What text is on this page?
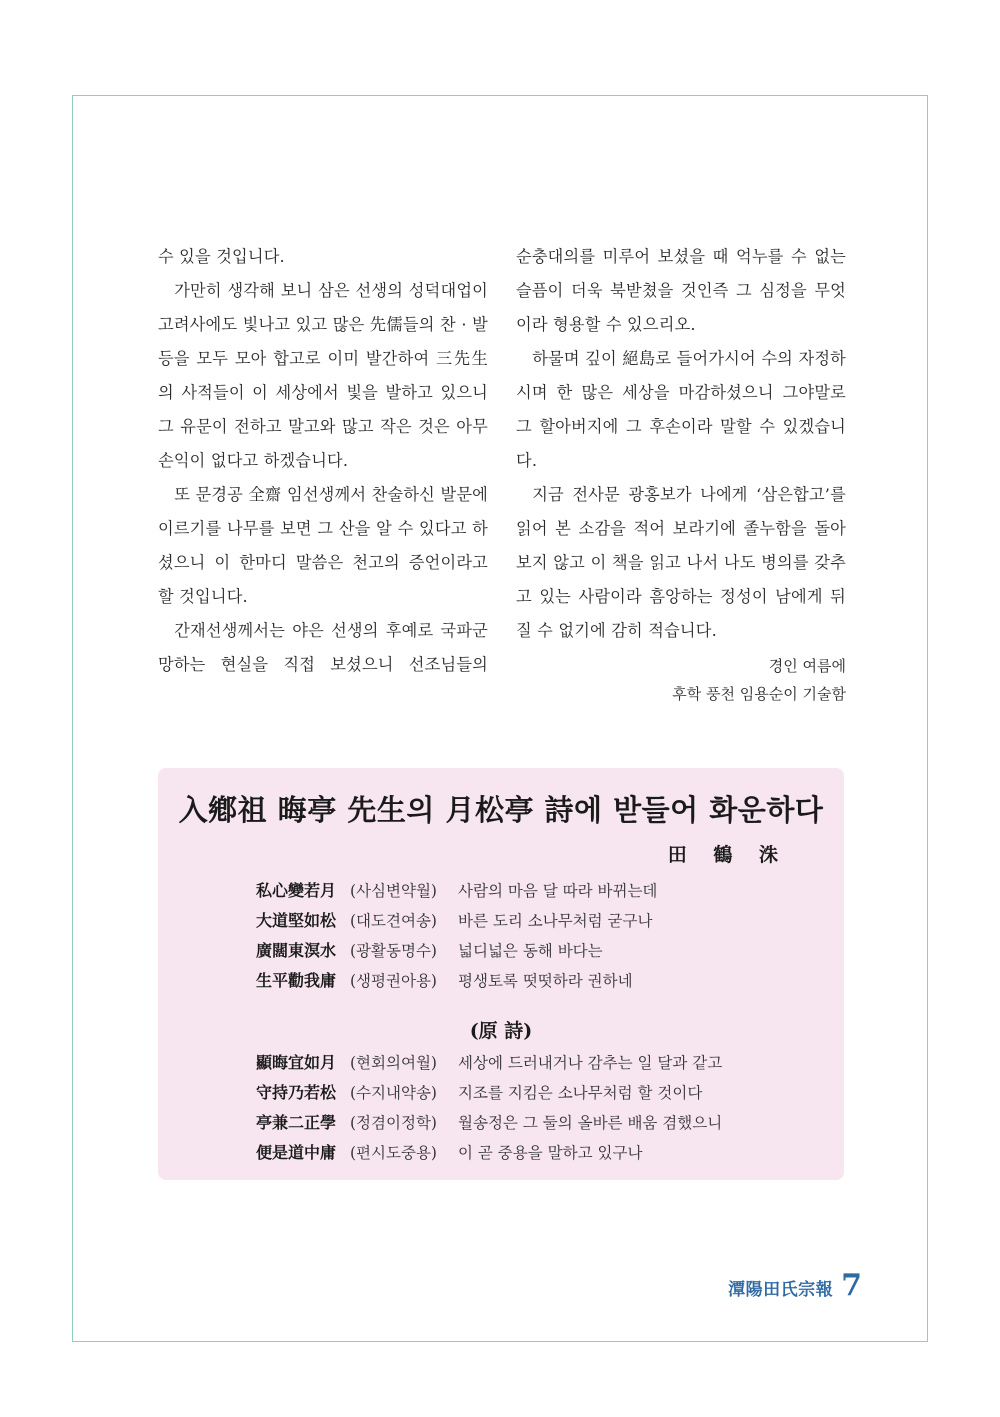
수 있을 것입니다.

가만히 생각해 보니 삼은 선생의 성덕대업이 고려사에도 빛나고 있고 많은 先儒들의 찬 · 발 등을 모두 모아 합고로 이미 발간하여 三先生의 사적들이 이 세상에서 빛을 발하고 있으니 그 유문이 전하고 말고와 많고 작은 것은 아무 손익이 없다고 하겠습니다.

또 문경공 全齋 임선생께서 찬술하신 발문에 이르기를 나무를 보면 그 산을 알 수 있다고 하셨으니 이 한마디 말씀은 천고의 증언이라고 할 것입니다.

간재선생께서는 야은 선생의 후예로 국파군망하는 현실을 직접 보셨으니 선조님들의

순충대의를 미루어 보셨을 때 억누를 수 없는 슬픔이 더욱 북받쳤을 것인즉 그 심정을 무엇이라 형용할 수 있으리오.

하물며 깊이 絕島로 들어가시어 수의 자정하시며 한 많은 세상을 마감하셨으니 그야말로 그 할아버지에 그 후손이라 말할 수 있겠습니다.

지금 전사문 광홍보가 나에게 ‘삼은합고’를 읽어 본 소감을 적어 보라기에 졸누함을 돌아보지 않고 이 책을 읽고 나서 나도 병의를 갖추고 있는 사람이라 흠앙하는 정성이 남에게 뒤질 수 없기에 감히 적습니다.

경인 여름에
후학 풍천 임용순이 기술함
入鄕祖 晦亭 先生의 月松亭 詩에 받들어 화운하다
田 鶴 洙
私心變若月 (사심변약월)	사람의 마음 달 따라 바뀌는데
大道堅如松 (대도견여송)	바른 도리 소나무처럼 굳구나
廣闊東溟水 (광활동명수)	넓디넓은 동해 바다는
生平勸我庸 (생평권아용)	평생토록 떳떳하라 권하네
(原 詩)
顯晦宜如月 (현회의여월)	세상에 드러내거나 감추는 일 달과 같고
守持乃若松 (수지내약송)	지조를 지킴은 소나무처럼 할 것이다
亭兼二正學 (정겸이정학)	월송정은 그 둘의 올바른 배움 겸했으니
便是道中庸 (편시도중용)	이 곧 중용을 말하고 있구나
潭陽田氏宗報 7
